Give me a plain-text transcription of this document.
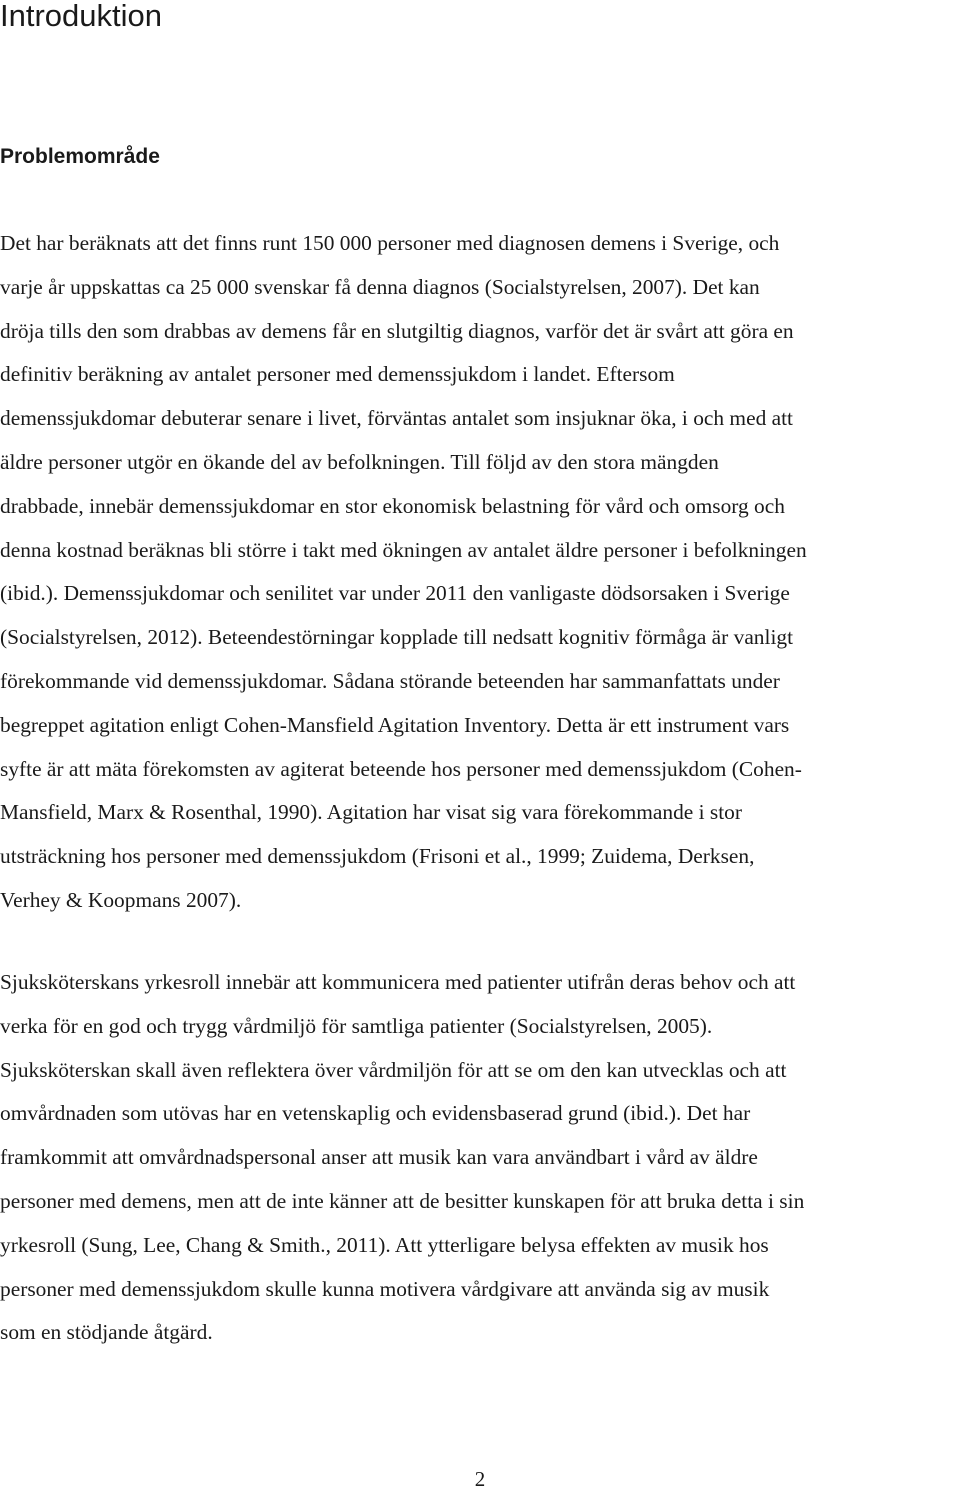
Introduktion
Problemområde

Det har beräknats att det finns runt 150 000 personer med diagnosen demens i Sverige, och
varje år uppskattas ca 25 000 svenskar få denna diagnos (Socialstyrelsen, 2007). Det kan
dröja tills den som drabbas av demens får en slutgiltig diagnos, varför det är svårt att göra en
definitiv beräkning av antalet personer med demenssjukdom i landet. Eftersom
demenssjukdomar debuterar senare i livet, förväntas antalet som insjuknar öka, i och med att
äldre personer utgör en ökande del av befolkningen. Till följd av den stora mängden
drabbade, innebär demenssjukdomar en stor ekonomisk belastning för vård och omsorg och
denna kostnad beräknas bli större i takt med ökningen av antalet äldre personer i befolkningen
(ibid.). Demenssjukdomar och senilitet var under 2011 den vanligaste dödsorsaken i Sverige
(Socialstyrelsen, 2012). Beteendestörningar kopplade till nedsatt kognitiv förmåga är vanligt
förekommande vid demenssjukdomar. Sådana störande beteenden har sammanfattats under
begreppet agitation enligt Cohen-Mansfield Agitation Inventory. Detta är ett instrument vars
syfte är att mäta förekomsten av agiterat beteende hos personer med demenssjukdom (Cohen-
Mansfield, Marx & Rosenthal, 1990). Agitation har visat sig vara förekommande i stor
utsträckning hos personer med demenssjukdom (Frisoni et al., 1999; Zuidema, Derksen,
Verhey & Koopmans 2007).

Sjuksköterskans yrkesroll innebär att kommunicera med patienter utifrån deras behov och att
verka för en god och trygg vårdmiljö för samtliga patienter (Socialstyrelsen, 2005).
Sjuksköterskan skall även reflektera över vårdmiljön för att se om den kan utvecklas och att
omvårdnaden som utövas har en vetenskaplig och evidensbaserad grund (ibid.). Det har
framkommit att omvårdnadspersonal anser att musik kan vara användbart i vård av äldre
personer med demens, men att de inte känner att de besitter kunskapen för att bruka detta i sin
yrkesroll (Sung, Lee, Chang & Smith., 2011). Att ytterligare belysa effekten av musik hos
personer med demenssjukdom skulle kunna motivera vårdgivare att använda sig av musik
som en stödjande åtgärd.

2
